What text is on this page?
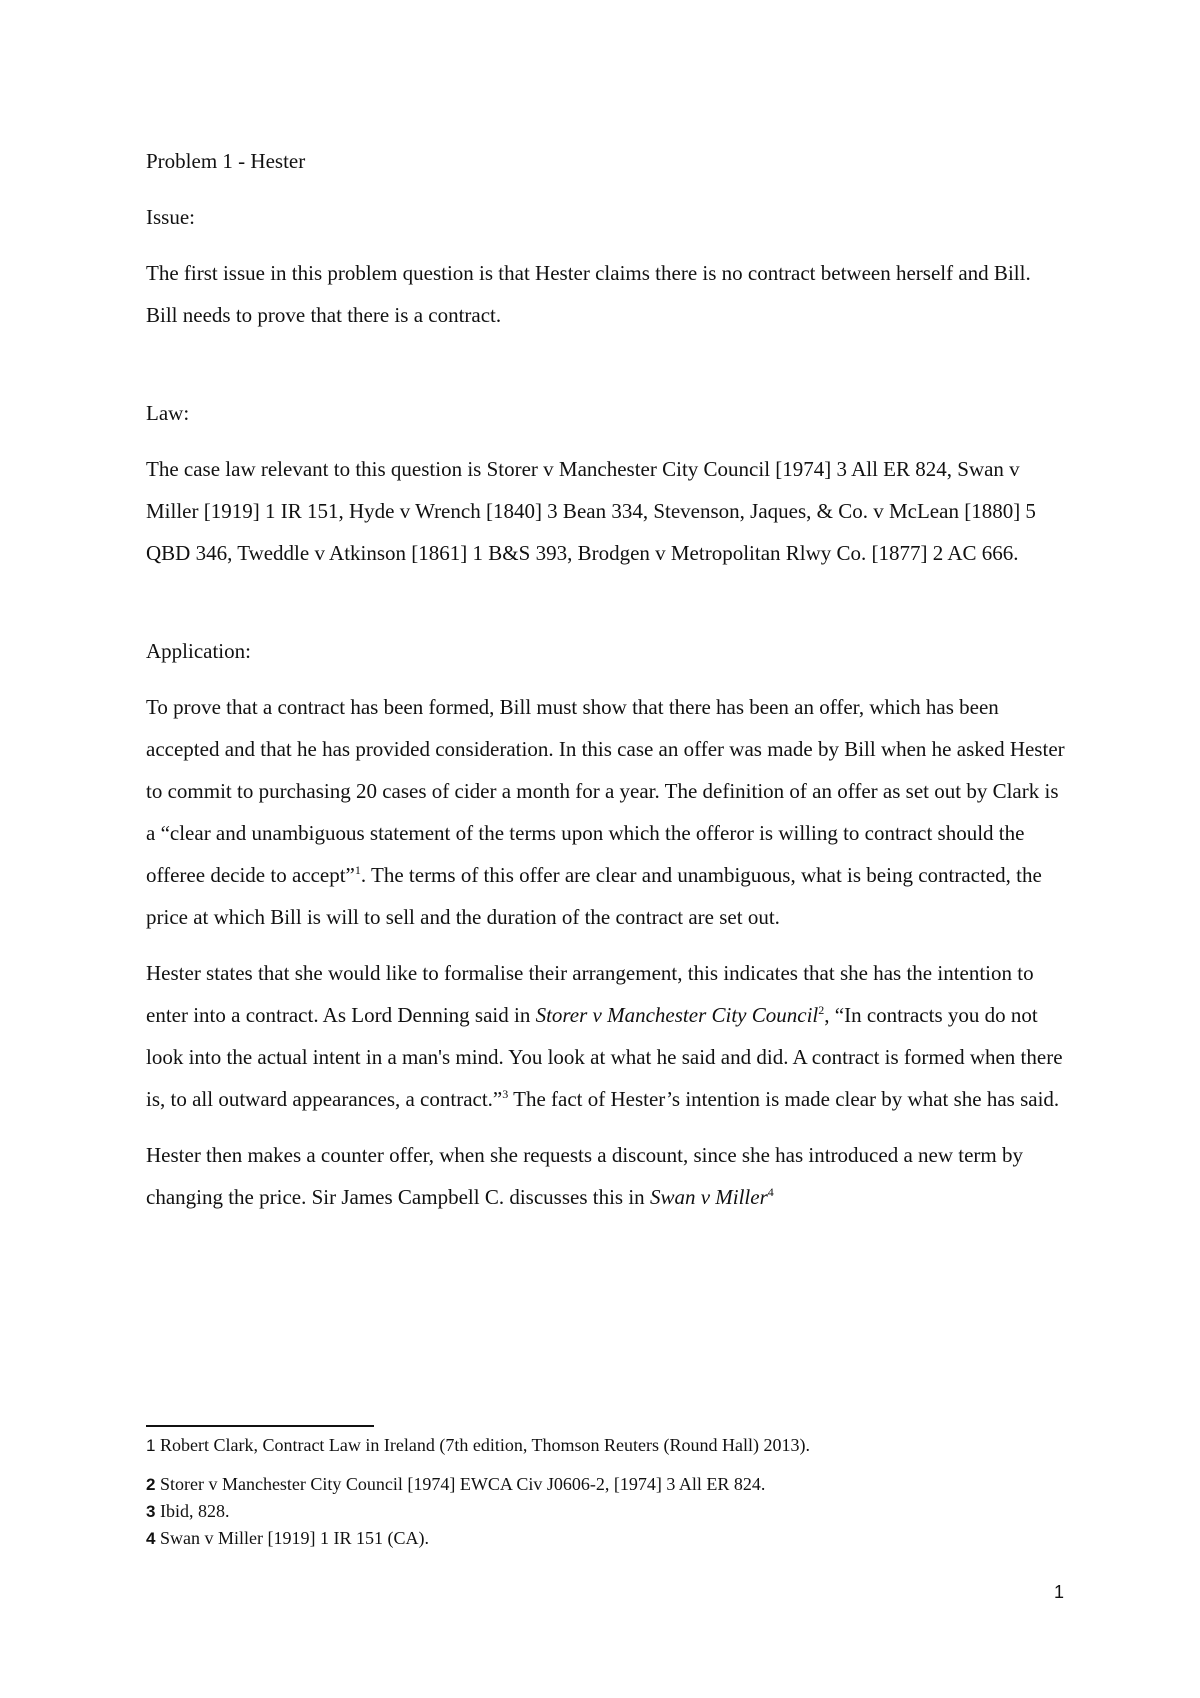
Problem 1 - Hester

Issue:

The first issue in this problem question is that Hester claims there is no contract between herself and Bill. Bill needs to prove that there is a contract.

Law:

The case law relevant to this question is Storer v Manchester City Council [1974] 3 All ER 824, Swan v Miller [1919] 1 IR 151, Hyde v Wrench [1840] 3 Bean 334, Stevenson, Jaques, & Co. v McLean [1880] 5 QBD 346, Tweddle v Atkinson [1861] 1 B&S 393, Brodgen v Metropolitan Rlwy Co. [1877] 2 AC 666.

Application:

To prove that a contract has been formed, Bill must show that there has been an offer, which has been accepted and that he has provided consideration. In this case an offer was made by Bill when he asked Hester to commit to purchasing 20 cases of cider a month for a year. The definition of an offer as set out by Clark is a “clear and unambiguous statement of the terms upon which the offeror is willing to contract should the offeree decide to accept”$^1$. The terms of this offer are clear and unambiguous, what is being contracted, the price at which Bill is will to sell and the duration of the contract are set out.

Hester states that she would like to formalise their arrangement, this indicates that she has the intention to enter into a contract. As Lord Denning said in Storer v Manchester City Council$^2$, “In contracts you do not look into the actual intent in a man's mind. You look at what he said and did. A contract is formed when there is, to all outward appearances, a contract.”$^3$ The fact of Hester’s intention is made clear by what she has said.

Hester then makes a counter offer, when she requests a discount, since she has introduced a new term by changing the price. Sir James Campbell C. discusses this in Swan v Miller$^4$

1 Robert Clark, Contract Law in Ireland (7th edition, Thomson Reuters (Round Hall) 2013).

2 Storer v Manchester City Council [1974] EWCA Civ J0606-2, [1974] 3 All ER 824.

3 Ibid, 828.

4 Swan v Miller [1919] 1 IR 151 (CA).

1
